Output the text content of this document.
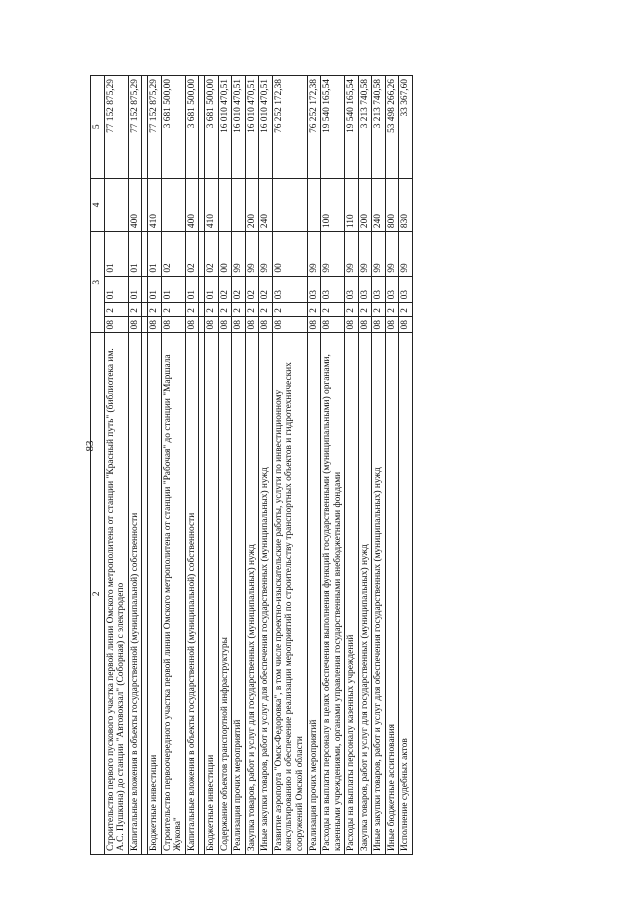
83
2	3				4	5
Строительство первого пускового участка первой линии Омского метрополитена от станции "Красный путь" (библиотека им. А.С. Пушкина) до станции "Автовокзал" (Соборная) с электродепо	08	2	01	01		77 152 875,29
Капитальные вложения в объекты государственной (муниципальной) собственности	08	2	01	01	400	77 152 875,29

Бюджетные инвестиции	08	2	01	01	410	77 152 875,29
Строительство первоочередного участка первой линии Омского метрополитена от станции "Рабочая" до станции "Маршала Жукова"	08	2	01	02		3 681 500,00
Капитальные вложения в объекты государственной (муниципальной) собственности	08	2	01	02	400	3 681 500,00

Бюджетные инвестиции	08	2	01	02	410	3 681 500,00
Содержание объектов транспортной инфраструктуры	08	2	02	00		16 010 470,51
Реализация прочих мероприятий	08	2	02	99		16 010 470,51
Закупка товаров, работ и услуг для государственных (муниципальных) нужд	08	2	02	99	200	16 010 470,51
Иные закупки товаров, работ и услуг для обеспечения государственных (муниципальных) нужд	08	2	02	99	240	16 010 470,51
Развитие аэропорта "Омск-Федоровка", в том числе проектно-изыскательские работы, услуги по инвестиционному консультированию и обеспечение реализации мероприятий по строительству транспортных объектов и гидротехнических сооружений Омской области	08	2	03	00		76 252 172,38
Реализация прочих мероприятий	08	2	03	99		76 252 172,38
Расходы на выплаты персоналу в целях обеспечения выполнения функций государственными (муниципальными) органами, казенными учреждениями, органами управления государственными внебюджетными фондами	08	2	03	99	100	19 540 165,54
Расходы на выплаты персоналу казенных учреждений	08	2	03	99	110	19 540 165,54
Закупка товаров, работ и услуг для государственных (муниципальных) нужд	08	2	03	99	200	3 213 740,58
Иные закупки товаров, работ и услуг для обеспечения государственных (муниципальных) нужд	08	2	03	99	240	3 213 740,58
Иные бюджетные ассигнования	08	2	03	99	800	53 498 266,26
Исполнение судебных актов	08	2	03	99	830	33 367,60
